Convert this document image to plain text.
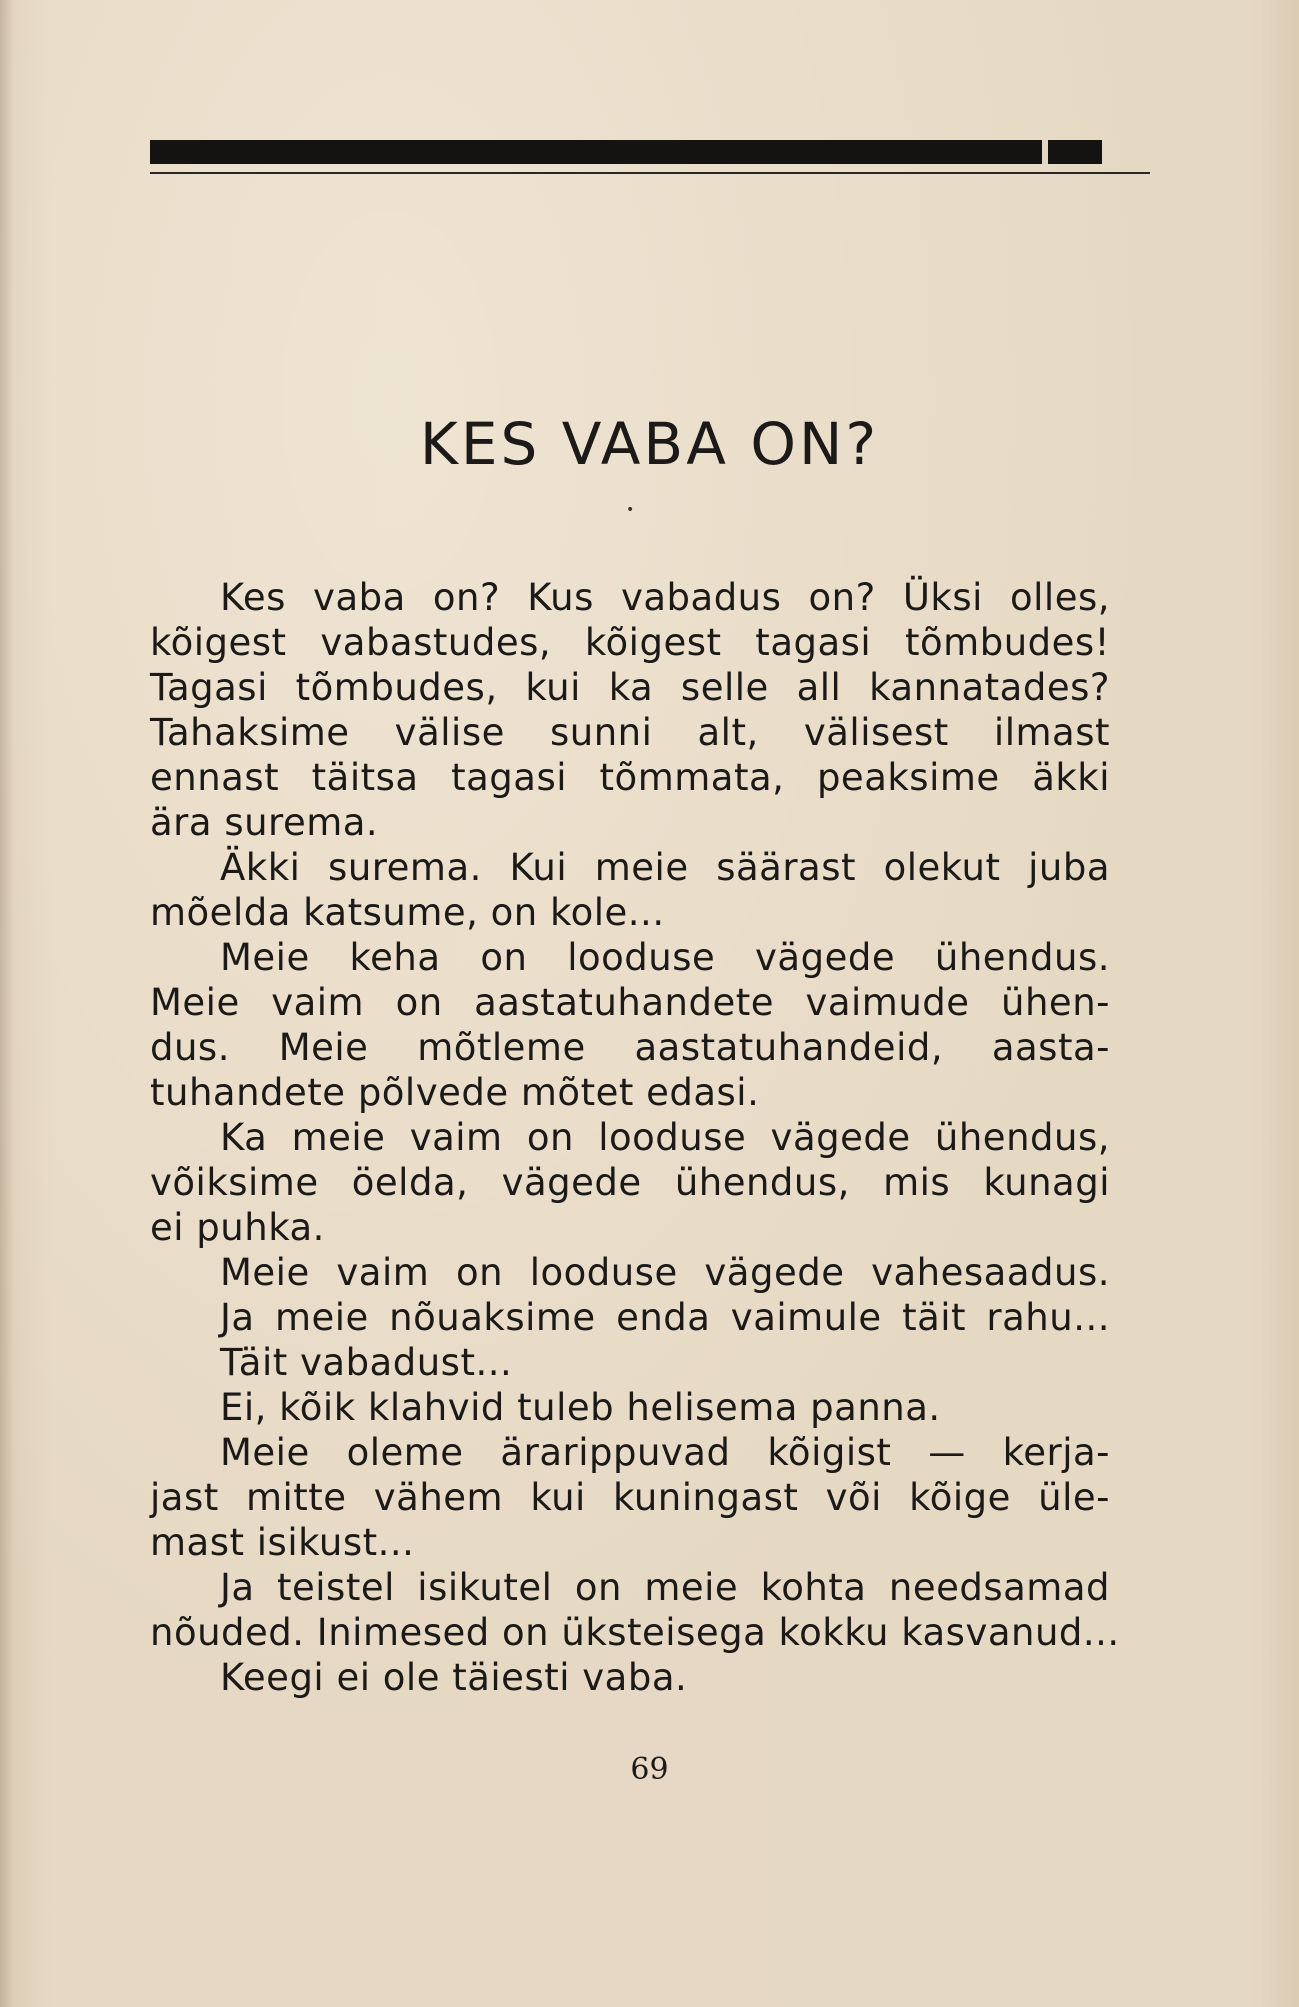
KES VABA ON?
•
Kes vaba on? Kus vabadus on? Üksi olles,
kõigest vabastudes, kõigest tagasi tõmbudes!
Tagasi tõmbudes, kui ka selle all kannatades?
Tahaksime välise sunni alt, välisest ilmast
ennast täitsa tagasi tõmmata, peaksime äkki
ära surema.
Äkki surema. Kui meie säärast olekut juba
mõelda katsume, on kole...
Meie keha on looduse vägede ühendus.
Meie vaim on aastatuhandete vaimude ühen-
dus. Meie mõtleme aastatuhandeid, aasta-
tuhandete põlvede mõtet edasi.
Ka meie vaim on looduse vägede ühendus,
võiksime öelda, vägede ühendus, mis kunagi
ei puhka.
Meie vaim on looduse vägede vahesaadus.
Ja meie nõuaksime enda vaimule täit rahu...
Täit vabadust...
Ei, kõik klahvid tuleb helisema panna.
Meie oleme ärarippuvad kõigist — kerja-
jast mitte vähem kui kuningast või kõige üle-
mast isikust...
Ja teistel isikutel on meie kohta needsamad
nõuded. Inimesed on üksteisega kokku kasvanud...
Keegi ei ole täiesti vaba.
69
